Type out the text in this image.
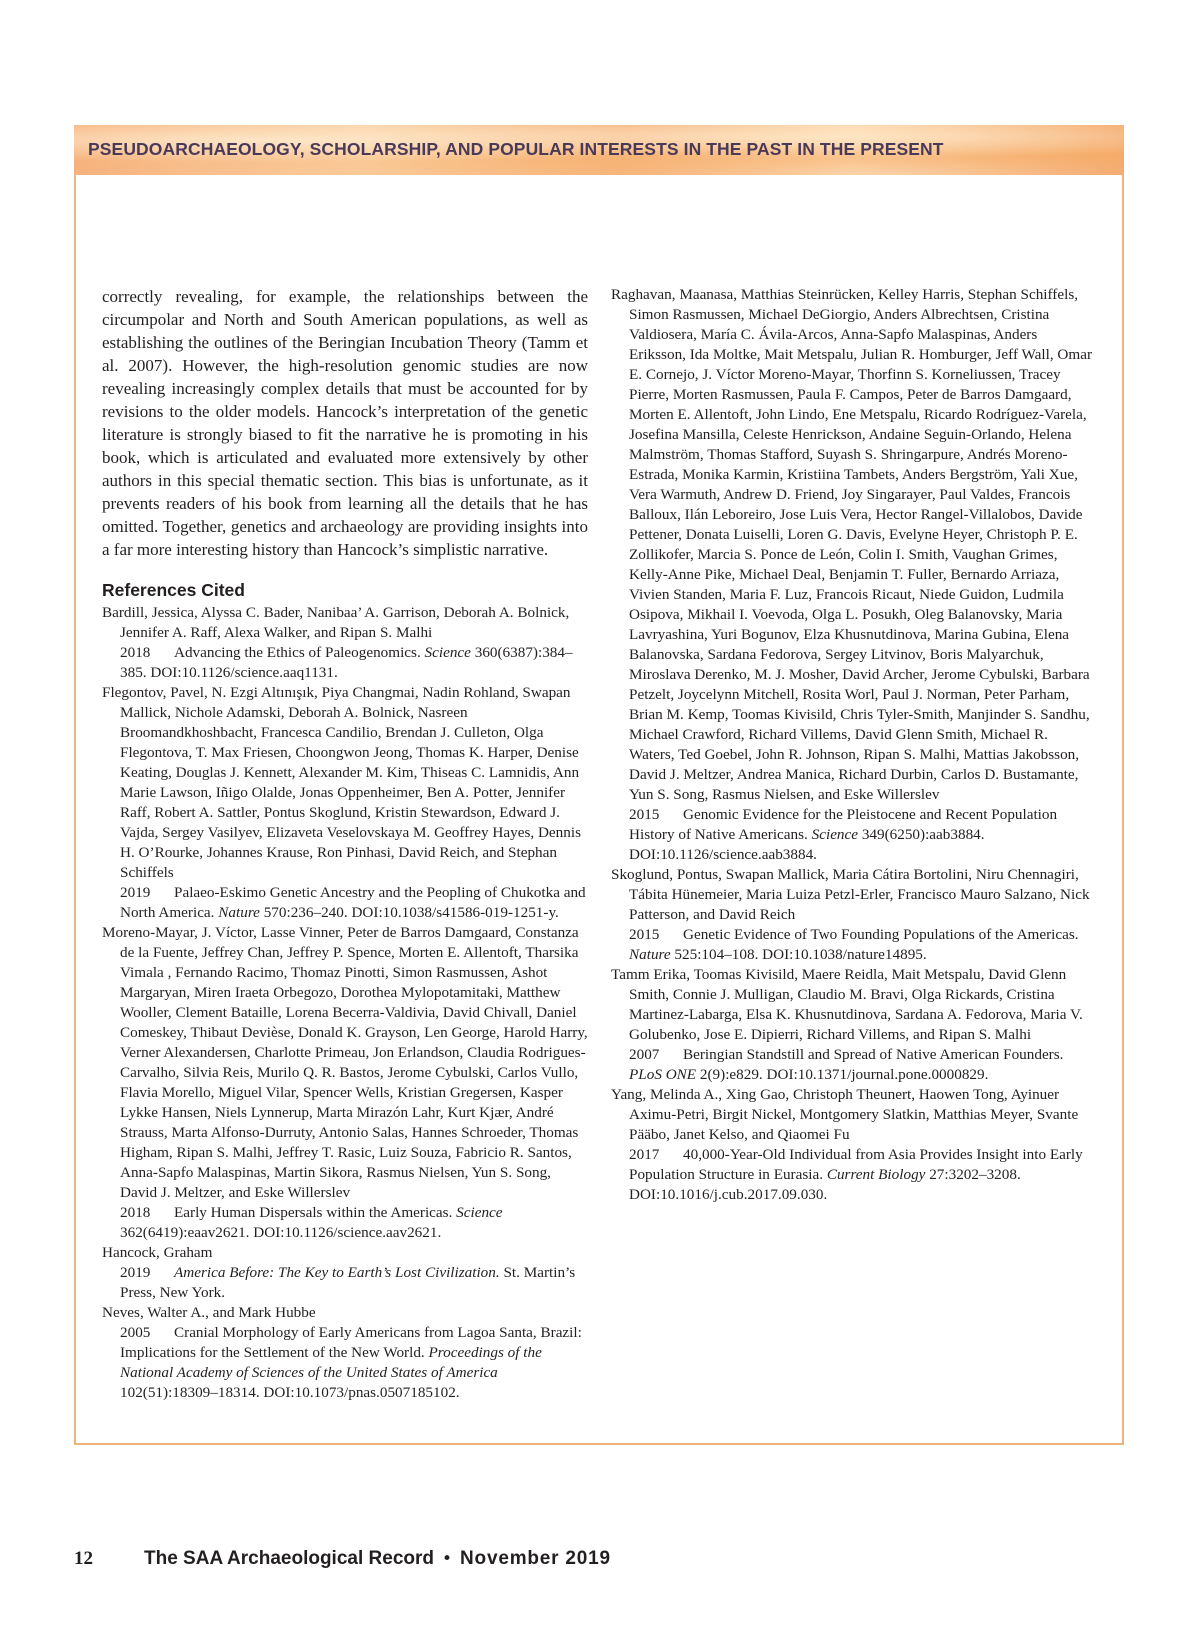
PSEUDOARCHAEOLOGY, SCHOLARSHIP, AND POPULAR INTERESTS IN THE PAST IN THE PRESENT

correctly revealing, for example, the relationships between the circumpolar and North and South American populations, as well as establishing the outlines of the Beringian Incubation Theory (Tamm et al. 2007). However, the high-resolution genomic studies are now revealing increasingly complex details that must be accounted for by revisions to the older models. Hancock’s interpretation of the genetic literature is strongly biased to fit the narrative he is promoting in his book, which is articulated and evaluated more extensively by other authors in this special thematic section. This bias is unfortunate, as it prevents readers of his book from learning all the details that he has omitted. Together, genetics and archaeology are providing insights into a far more interesting history than Hancock’s simplistic narrative.

References Cited
Bardill, Jessica, Alyssa C. Bader, Nanibaa’ A. Garrison, Deborah A. Bolnick, Jennifer A. Raff, Alexa Walker, and Ripan S. Malhi
2018 Advancing the Ethics of Paleogenomics. Science 360(6387):384–385. DOI:10.1126/science.aaq1131.
Flegontov, Pavel, N. Ezgi Altınışık, Piya Changmai, Nadin Rohland, Swapan Mallick, Nichole Adamski, Deborah A. Bolnick, Nasreen Broomandkhoshbacht, Francesca Candilio, Brendan J. Culleton, Olga Flegontova, T. Max Friesen, Choongwon Jeong, Thomas K. Harper, Denise Keating, Douglas J. Kennett, Alexander M. Kim, Thiseas C. Lamnidis, Ann Marie Lawson, Iñigo Olalde, Jonas Oppenheimer, Ben A. Potter, Jennifer Raff, Robert A. Sattler, Pontus Skoglund, Kristin Stewardson, Edward J. Vajda, Sergey Vasilyev, Elizaveta Veselovskaya M. Geoffrey Hayes, Dennis H. O’Rourke, Johannes Krause, Ron Pinhasi, David Reich, and Stephan Schiffels
2019 Palaeo-Eskimo Genetic Ancestry and the Peopling of Chukotka and North America. Nature 570:236–240. DOI:10.1038/s41586-019-1251-y.
Moreno-Mayar, J. Víctor, Lasse Vinner, Peter de Barros Damgaard, Constanza de la Fuente, Jeffrey Chan, Jeffrey P. Spence, Morten E. Allentoft, Tharsika Vimala , Fernando Racimo, Thomaz Pinotti, Simon Rasmussen, Ashot Margaryan, Miren Iraeta Orbegozo, Dorothea Mylopotamitaki, Matthew Wooller, Clement Bataille, Lorena Becerra-Valdivia, David Chivall, Daniel Comeskey, Thibaut Devièse, Donald K. Grayson, Len George, Harold Harry, Verner Alexandersen, Charlotte Primeau, Jon Erlandson, Claudia Rodrigues-Carvalho, Silvia Reis, Murilo Q. R. Bastos, Jerome Cybulski, Carlos Vullo, Flavia Morello, Miguel Vilar, Spencer Wells, Kristian Gregersen, Kasper Lykke Hansen, Niels Lynnerup, Marta Mirazón Lahr, Kurt Kjær, André Strauss, Marta Alfonso-Durruty, Antonio Salas, Hannes Schroeder, Thomas Higham, Ripan S. Malhi, Jeffrey T. Rasic, Luiz Souza, Fabricio R. Santos, Anna-Sapfo Malaspinas, Martin Sikora, Rasmus Nielsen, Yun S. Song, David J. Meltzer, and Eske Willerslev
2018 Early Human Dispersals within the Americas. Science 362(6419):eaav2621. DOI:10.1126/science.aav2621.
Hancock, Graham
2019 America Before: The Key to Earth’s Lost Civilization. St. Martin’s Press, New York.
Neves, Walter A., and Mark Hubbe
2005 Cranial Morphology of Early Americans from Lagoa Santa, Brazil: Implications for the Settlement of the New World. Proceedings of the National Academy of Sciences of the United States of America 102(51):18309–18314. DOI:10.1073/pnas.0507185102.
Raghavan, Maanasa, Matthias Steinrücken, Kelley Harris, Stephan Schiffels, Simon Rasmussen, Michael DeGiorgio, Anders Albrechtsen, Cristina Valdiosera, María C. Ávila-Arcos, Anna-Sapfo Malaspinas, Anders Eriksson, Ida Moltke, Mait Metspalu, Julian R. Homburger, Jeff Wall, Omar E. Cornejo, J. Víctor Moreno-Mayar, Thorfinn S. Korneliussen, Tracey Pierre, Morten Rasmussen, Paula F. Campos, Peter de Barros Damgaard, Morten E. Allentoft, John Lindo, Ene Metspalu, Ricardo Rodríguez-Varela, Josefina Mansilla, Celeste Henrickson, Andaine Seguin-Orlando, Helena Malmström, Thomas Stafford, Suyash S. Shringarpure, Andrés Moreno-Estrada, Monika Karmin, Kristiina Tambets, Anders Bergström, Yali Xue, Vera Warmuth, Andrew D. Friend, Joy Singarayer, Paul Valdes, Francois Balloux, Ilán Leboreiro, Jose Luis Vera, Hector Rangel-Villalobos, Davide Pettener, Donata Luiselli, Loren G. Davis, Evelyne Heyer, Christoph P. E. Zollikofer, Marcia S. Ponce de León, Colin I. Smith, Vaughan Grimes, Kelly-Anne Pike, Michael Deal, Benjamin T. Fuller, Bernardo Arriaza, Vivien Standen, Maria F. Luz, Francois Ricaut, Niede Guidon, Ludmila Osipova, Mikhail I. Voevoda, Olga L. Posukh, Oleg Balanovsky, Maria Lavryashina, Yuri Bogunov, Elza Khusnutdinova, Marina Gubina, Elena Balanovska, Sardana Fedorova, Sergey Litvinov, Boris Malyarchuk, Miroslava Derenko, M. J. Mosher, David Archer, Jerome Cybulski, Barbara Petzelt, Joycelynn Mitchell, Rosita Worl, Paul J. Norman, Peter Parham, Brian M. Kemp, Toomas Kivisild, Chris Tyler-Smith, Manjinder S. Sandhu, Michael Crawford, Richard Villems, David Glenn Smith, Michael R. Waters, Ted Goebel, John R. Johnson, Ripan S. Malhi, Mattias Jakobsson, David J. Meltzer, Andrea Manica, Richard Durbin, Carlos D. Bustamante, Yun S. Song, Rasmus Nielsen, and Eske Willerslev
2015 Genomic Evidence for the Pleistocene and Recent Population History of Native Americans. Science 349(6250):aab3884. DOI:10.1126/science.aab3884.
Skoglund, Pontus, Swapan Mallick, Maria Cátira Bortolini, Niru Chennagiri, Tábita Hünemeier, Maria Luiza Petzl-Erler, Francisco Mauro Salzano, Nick Patterson, and David Reich
2015 Genetic Evidence of Two Founding Populations of the Americas. Nature 525:104–108. DOI:10.1038/nature14895.
Tamm Erika, Toomas Kivisild, Maere Reidla, Mait Metspalu, David Glenn Smith, Connie J. Mulligan, Claudio M. Bravi, Olga Rickards, Cristina Martinez-Labarga, Elsa K. Khusnutdinova, Sardana A. Fedorova, Maria V. Golubenko, Jose E. Dipierri, Richard Villems, and Ripan S. Malhi
2007 Beringian Standstill and Spread of Native American Founders. PLoS ONE 2(9):e829. DOI:10.1371/journal.pone.0000829.
Yang, Melinda A., Xing Gao, Christoph Theunert, Haowen Tong, Ayinuer Aximu-Petri, Birgit Nickel, Montgomery Slatkin, Matthias Meyer, Svante Pääbo, Janet Kelso, and Qiaomei Fu
2017 40,000-Year-Old Individual from Asia Provides Insight into Early Population Structure in Eurasia. Current Biology 27:3202–3208. DOI:10.1016/j.cub.2017.09.030.
12	The SAA Archaeological Record • November 2019
